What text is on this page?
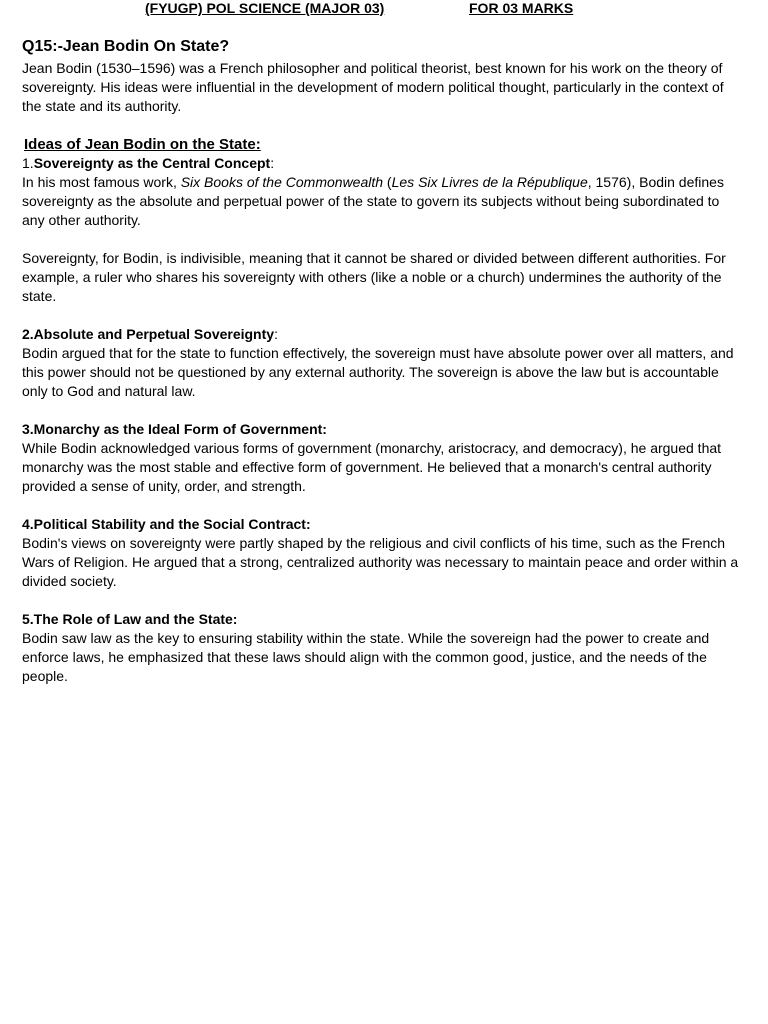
(FYUGP) POL SCIENCE (MAJOR 03)	FOR 03 MARKS
Q15:-Jean Bodin On State?

Jean Bodin (1530–1596) was a French philosopher and political theorist, best known for his work on the theory of sovereignty. His ideas were influential in the development of modern political thought, particularly in the context of the state and its authority.

Ideas of Jean Bodin on the State:

1.Sovereignty as the Central Concept:

In his most famous work, Six Books of the Commonwealth (Les Six Livres de la République, 1576), Bodin defines sovereignty as the absolute and perpetual power of the state to govern its subjects without being subordinated to any other authority.

Sovereignty, for Bodin, is indivisible, meaning that it cannot be shared or divided between different authorities. For example, a ruler who shares his sovereignty with others (like a noble or a church) undermines the authority of the state.

2.Absolute and Perpetual Sovereignty:

Bodin argued that for the state to function effectively, the sovereign must have absolute power over all matters, and this power should not be questioned by any external authority. The sovereign is above the law but is accountable only to God and natural law.

3.Monarchy as the Ideal Form of Government:

While Bodin acknowledged various forms of government (monarchy, aristocracy, and democracy), he argued that monarchy was the most stable and effective form of government. He believed that a monarch's central authority provided a sense of unity, order, and strength.

4.Political Stability and the Social Contract:

Bodin's views on sovereignty were partly shaped by the religious and civil conflicts of his time, such as the French Wars of Religion. He argued that a strong, centralized authority was necessary to maintain peace and order within a divided society.

5.The Role of Law and the State:

Bodin saw law as the key to ensuring stability within the state. While the sovereign had the power to create and enforce laws, he emphasized that these laws should align with the common good, justice, and the needs of the people.
